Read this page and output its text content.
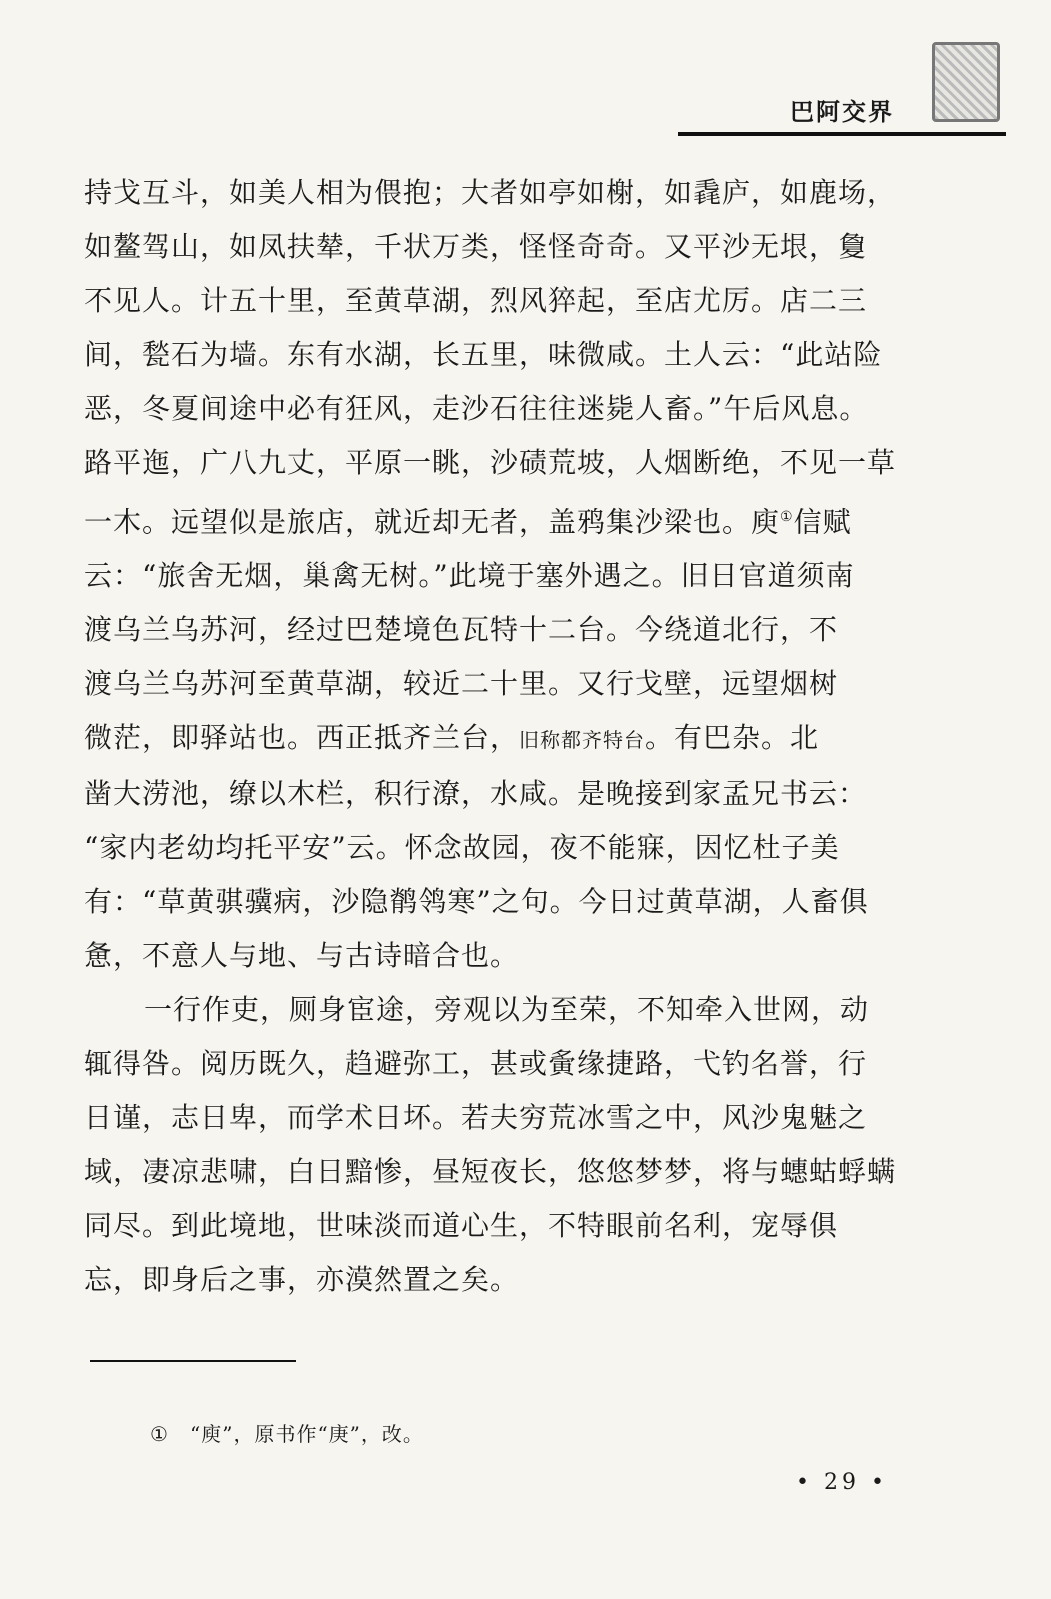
巴阿交界
持戈互斗，如美人相为偎抱；大者如亭如榭，如毳庐，如鹿场，
如鳌驾山，如凤扶辇，千状万类，怪怪奇奇。又平沙无垠，敻
不见人。计五十里，至黄草湖，烈风猝起，至店尤厉。店二三
间，甃石为墙。东有水湖，长五里，味微咸。土人云：“此站险
恶，冬夏间途中必有狂风，走沙石往往迷毙人畜。”午后风息。
路平迤，广八九丈，平原一眺，沙碛荒坡，人烟断绝，不见一草
一木。远望似是旅店，就近却无者，盖鸦集沙梁也。庾①信赋
云：“旅舍无烟，巢禽无树。”此境于塞外遇之。旧日官道须南
渡乌兰乌苏河，经过巴楚境色瓦特十二台。今绕道北行，不
渡乌兰乌苏河至黄草湖，较近二十里。又行戈壁，远望烟树
微茫，即驿站也。西正抵齐兰台，旧称都齐特台。有巴杂。北
凿大涝池，缭以木栏，积行潦，水咸。是晚接到家孟兄书云：
“家内老幼均托平安”云。怀念故园，夜不能寐，因忆杜子美
有：“草黄骐骥病，沙隐鹡鸰寒”之句。今日过黄草湖，人畜俱
惫，不意人与地、与古诗暗合也。
一行作吏，厕身宦途，旁观以为至荣，不知牵入世网，动
辄得咎。阅历既久，趋避弥工，甚或夤缘捷路，弋钓名誉，行
日谨，志日卑，而学术日坏。若夫穷荒冰雪之中，风沙鬼魅之
域，凄凉悲啸，白日黯惨，昼短夜长，悠悠梦梦，将与蟪蛄蜉螨
同尽。到此境地，世味淡而道心生，不特眼前名利，宠辱俱
忘，即身后之事，亦漠然置之矣。
① “庾”，原书作“庚”，改。
• 29 •
